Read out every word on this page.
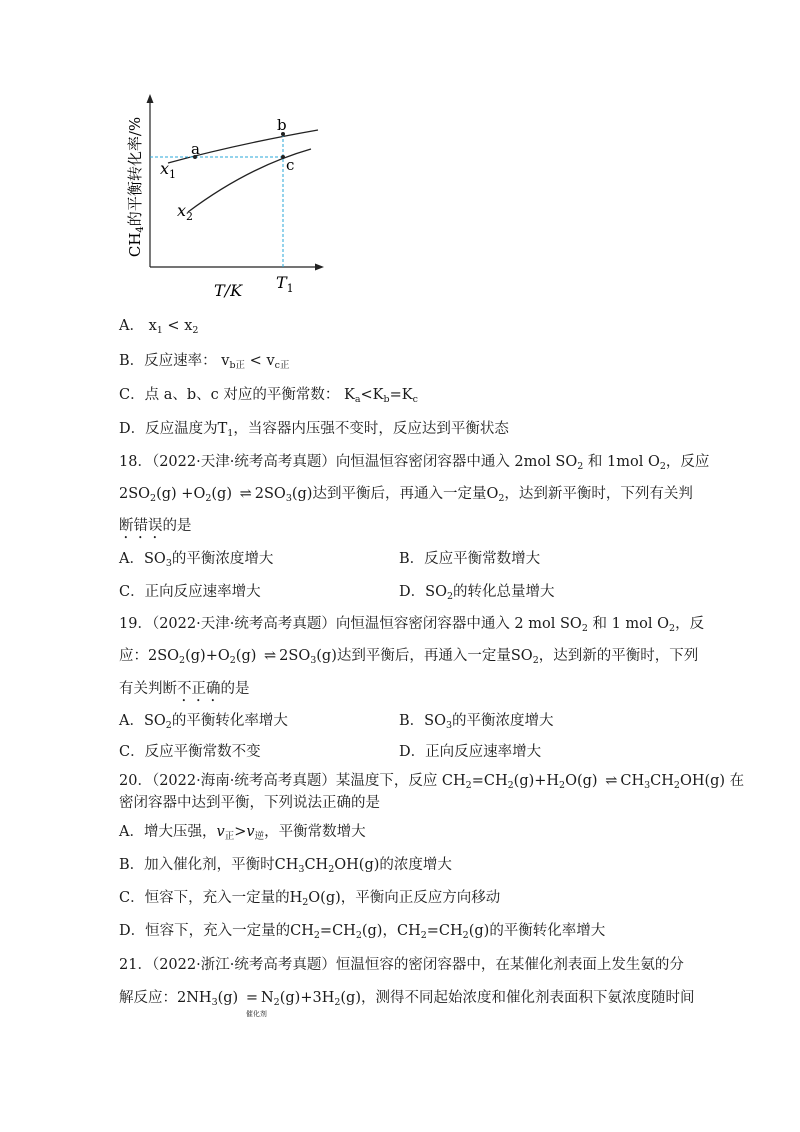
a
b
c
$x_1$
$x_2$
$CH_4$的平衡转化率/%
$T_1$
T/K
A． $x_1 < x_2$
B．反应速率： $v_{b正} < v_{c正}$
C．点 a、b、c 对应的平衡常数： $K_a<K_b=K_c$
D．反应温度为$T_1$，当容器内压强不变时，反应达到平衡状态
18．（2022·天津·统考高考真题）向恒温恒容密闭容器中通入 2mol $SO_2$ 和 1mol $O_2$，反应
$2SO_2(g) +O_2(g)$ ⇌ $2SO_3(g)$达到平衡后，再通入一定量$O_2$，达到新平衡时，下列有关判
断错误的是
A．$SO_3$的平衡浓度增大	B．反应平衡常数增大
C．正向反应速率增大	D．$SO_2$的转化总量增大
19．（2022·天津·统考高考真题）向恒温恒容密闭容器中通入 2 mol $SO_2$ 和 1 mol $O_2$，反
应：$2SO_2(g)+O_2(g)$ ⇌ $2SO_3(g)$达到平衡后，再通入一定量$SO_2$，达到新的平衡时，下列
有关判断不正确的是
A．$SO_2$的平衡转化率增大	B．$SO_3$的平衡浓度增大
C．反应平衡常数不变	D．正向反应速率增大
20．（2022·海南·统考高考真题）某温度下，反应 $CH_2=CH_2(g)+H_2O(g)$ ⇌ $CH_3CH_2OH(g)$ 在
密闭容器中达到平衡，下列说法正确的是
A．增大压强，$v_正>v_逆$，平衡常数增大
B．加入催化剂，平衡时$CH_3CH_2OH(g)$的浓度增大
C．恒容下，充入一定量的$H_2O(g)$，平衡向正反应方向移动
D．恒容下，充入一定量的$CH_2=CH_2(g)$，$CH_2=CH_2(g)$的平衡转化率增大
21．（2022·浙江·统考高考真题）恒温恒容的密闭容器中，在某催化剂表面上发生氨的分
解反应：$2NH_3(g)$ =
催化剂
$N_2(g)+3H_2(g)$，测得不同起始浓度和催化剂表面积下氨浓度随时间
